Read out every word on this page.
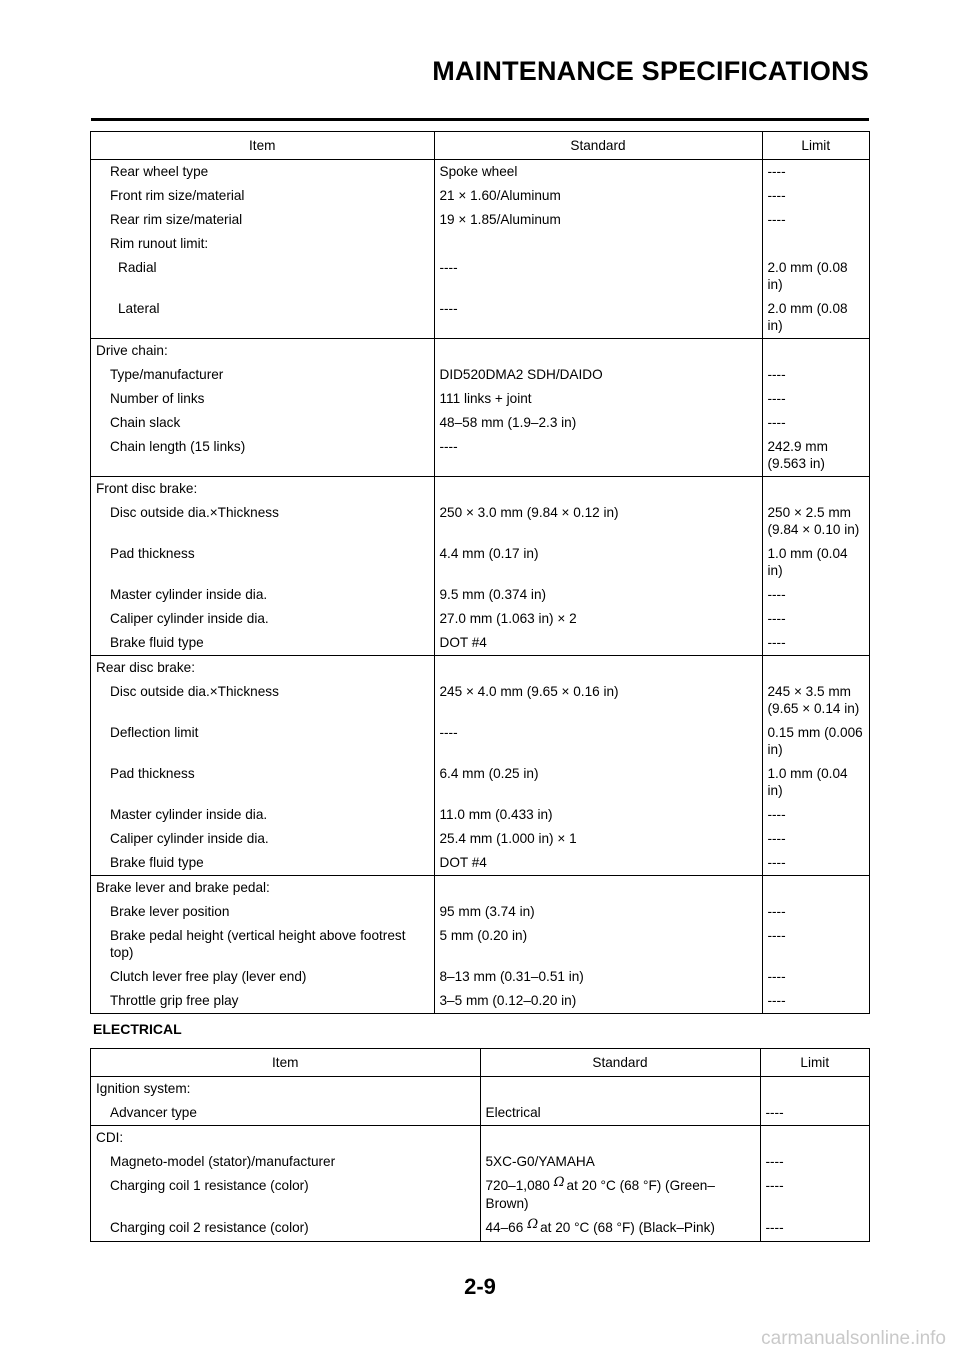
MAINTENANCE SPECIFICATIONS
Item	Standard	Limit
Rear wheel type	Spoke wheel	----
Front rim size/material	21 × 1.60/Aluminum	----
Rear rim size/material	19 × 1.85/Aluminum	----
Rim runout limit:		
Radial	----	2.0 mm (0.08 in)
Lateral	----	2.0 mm (0.08 in)
Drive chain:		
Type/manufacturer	DID520DMA2 SDH/DAIDO	----
Number of links	111 links + joint	----
Chain slack	48–58 mm (1.9–2.3 in)	----
Chain length (15 links)	----	242.9 mm (9.563 in)
Front disc brake:		
Disc outside dia.×Thickness	250 × 3.0 mm (9.84 × 0.12 in)	250 × 2.5 mm (9.84 × 0.10 in)
Pad thickness	4.4 mm (0.17 in)	1.0 mm (0.04 in)
Master cylinder inside dia.	9.5 mm (0.374 in)	----
Caliper cylinder inside dia.	27.0 mm (1.063 in) × 2	----
Brake fluid type	DOT #4	----
Rear disc brake:		
Disc outside dia.×Thickness	245 × 4.0 mm (9.65 × 0.16 in)	245 × 3.5 mm (9.65 × 0.14 in)
Deflection limit	----	0.15 mm (0.006 in)
Pad thickness	6.4 mm (0.25 in)	1.0 mm (0.04 in)
Master cylinder inside dia.	11.0 mm (0.433 in)	----
Caliper cylinder inside dia.	25.4 mm (1.000 in) × 1	----
Brake fluid type	DOT #4	----
Brake lever and brake pedal:		
Brake lever position	95 mm (3.74 in)	----
Brake pedal height (vertical height above footrest top)	5 mm (0.20 in)	----
Clutch lever free play (lever end)	8–13 mm (0.31–0.51 in)	----
Throttle grip free play	3–5 mm (0.12–0.20 in)	----
ELECTRICAL
Item	Standard	Limit
Ignition system:		
Advancer type	Electrical	----
CDI:		
Magneto-model (stator)/manufacturer	5XC-G0/YAMAHA	----
Charging coil 1 resistance (color)	720–1,080 Ω at 20 °C (68 °F) (Green–Brown)	----
Charging coil 2 resistance (color)	44–66 Ω at 20 °C (68 °F) (Black–Pink)	----
2-9
carmanualsonline.info
